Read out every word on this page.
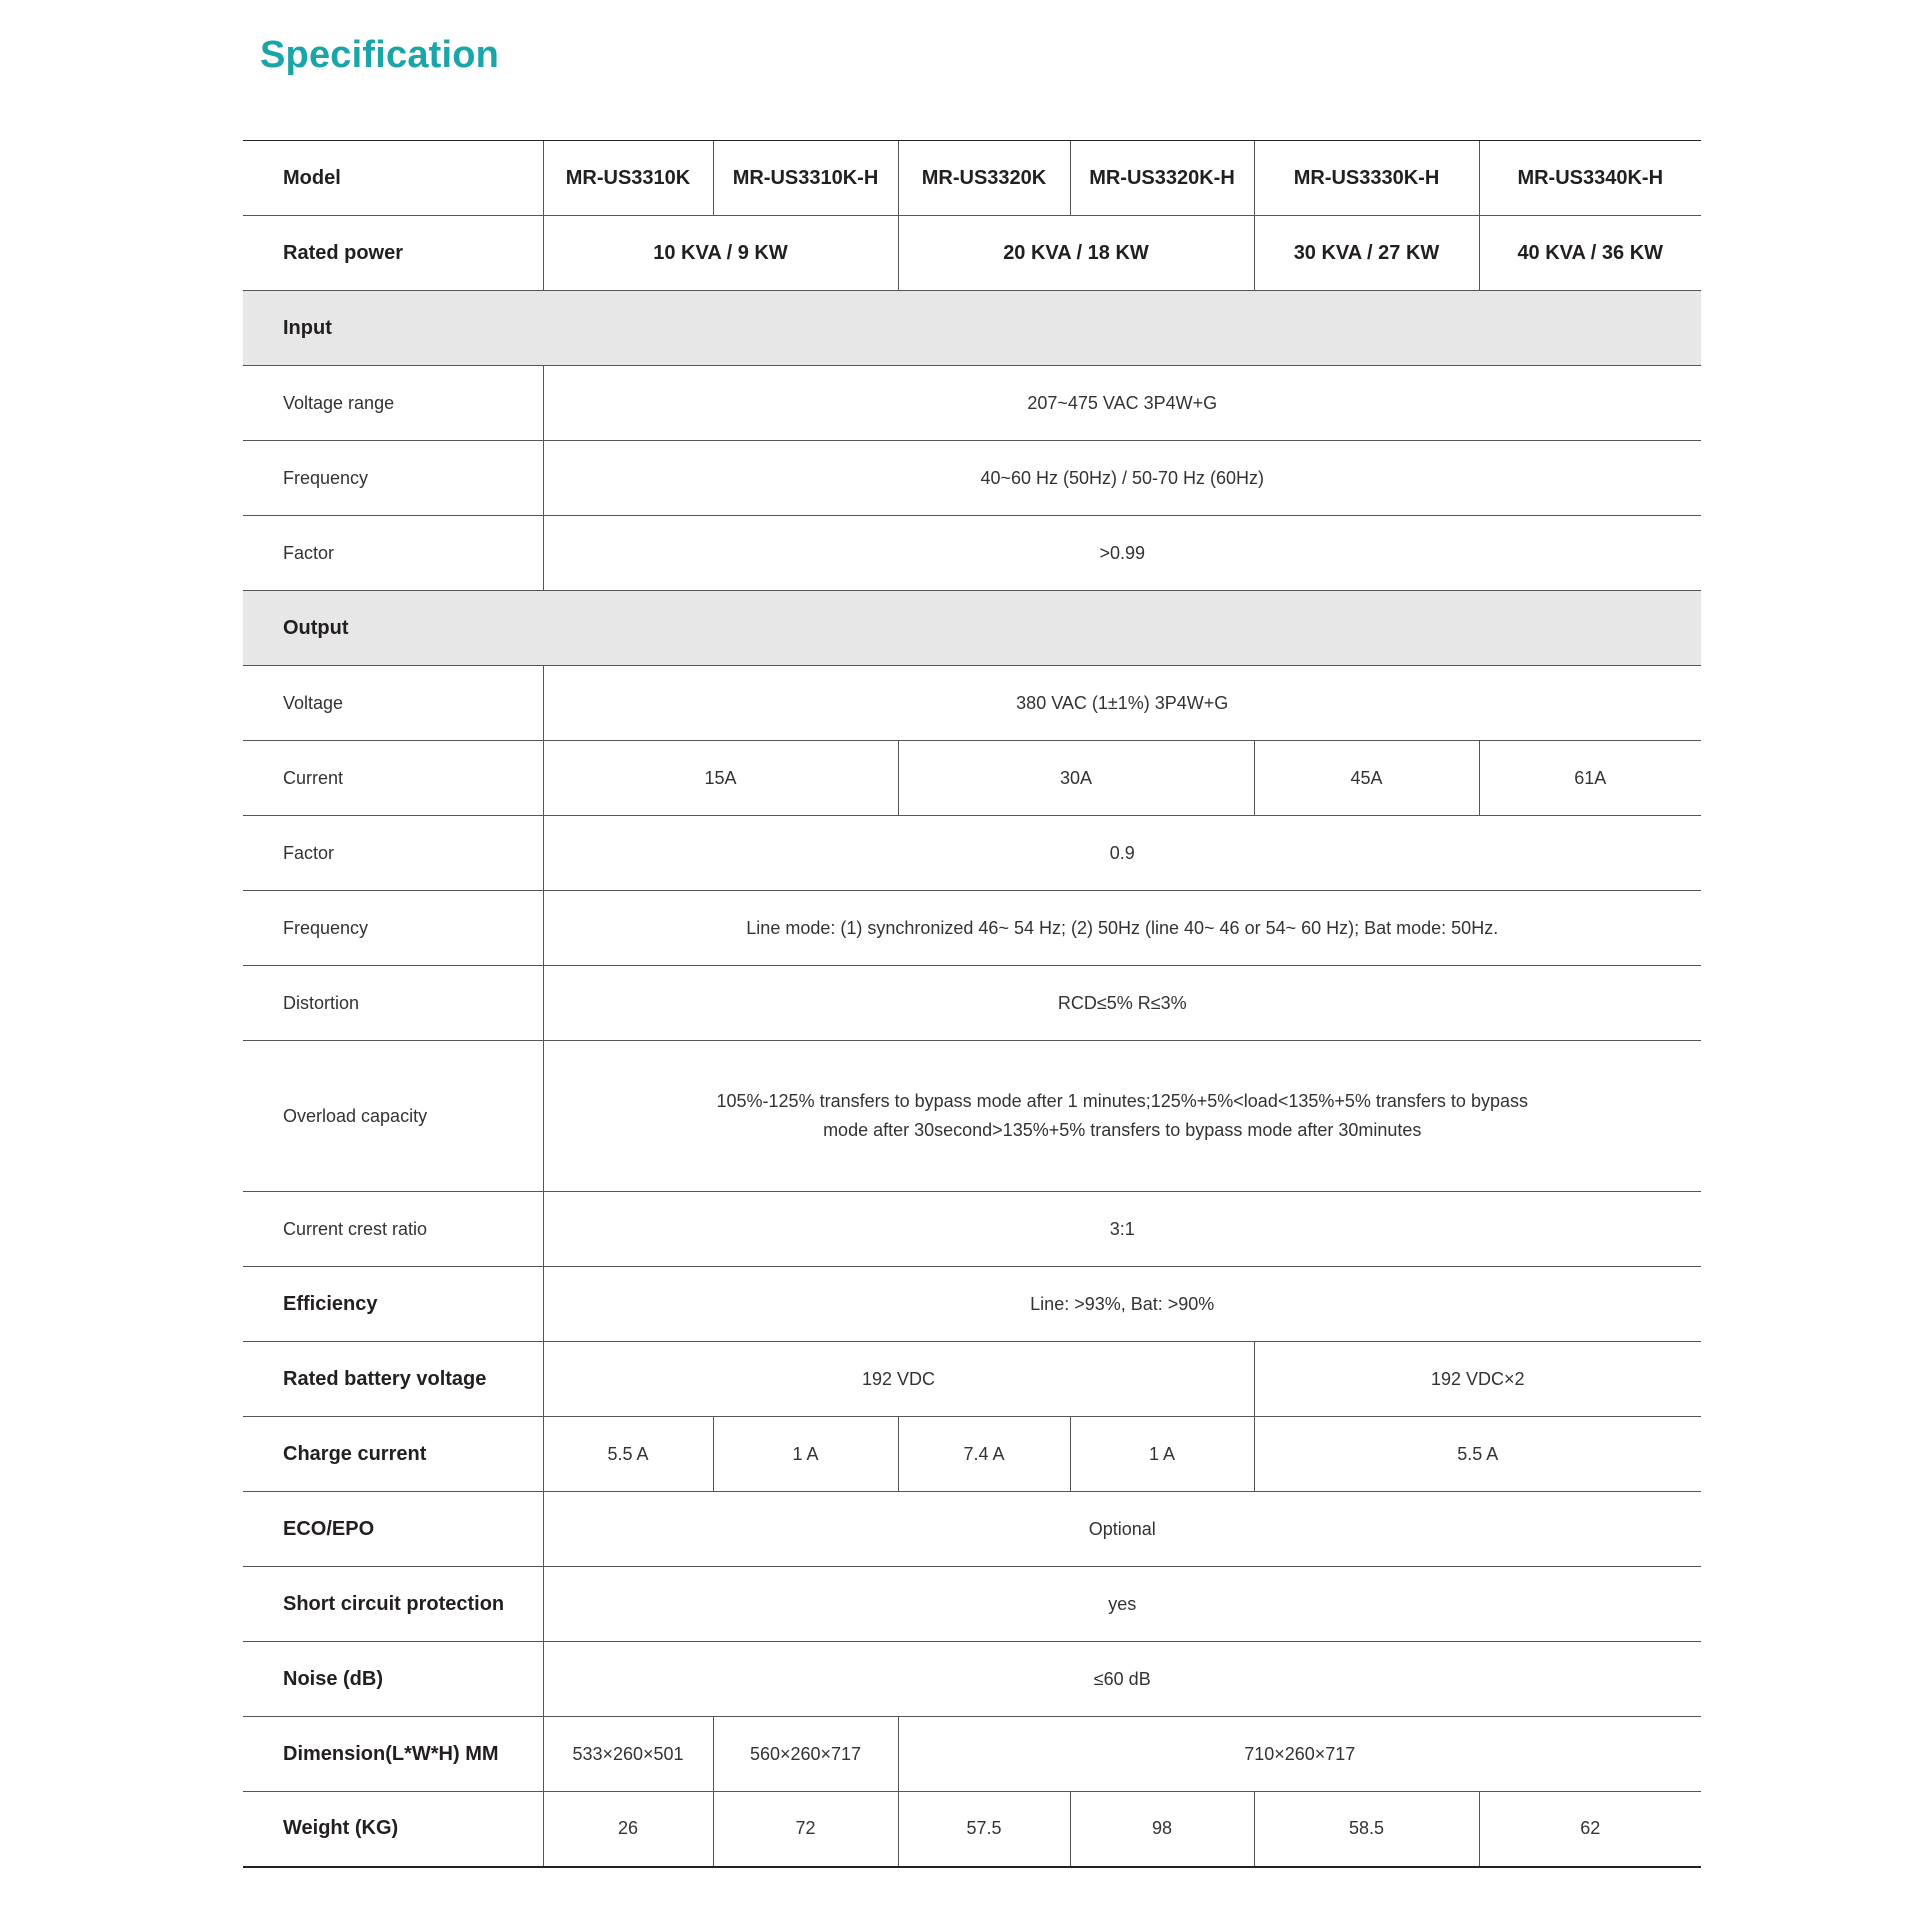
Specification
Model	MR-US3310K	MR-US3310K-H	MR-US3320K	MR-US3320K-H	MR-US3330K-H	MR-US3340K-H
Rated power	10 KVA / 9 KW		20 KVA / 18 KW		30 KVA / 27 KW	40 KVA / 36 KW
Input						
Voltage range	207~475 VAC 3P4W+G					
Frequency	40~60 Hz (50Hz) / 50-70 Hz (60Hz)					
Factor	>0.99					
Output						
Voltage	380 VAC (1±1%) 3P4W+G					
Current	15A		30A		45A	61A
Factor	0.9					
Frequency	Line mode: (1) synchronized 46~ 54 Hz; (2) 50Hz (line 40~ 46 or 54~ 60 Hz); Bat mode: 50Hz.					
Distortion	RCD≤5% R≤3%					
Overload capacity	105%-125% transfers to bypass mode after 1 minutes;125%+5%<load<135%+5% transfers to bypass
mode after 30second>135%+5% transfers to bypass mode after 30minutes					

Current crest ratio	3:1					
Efficiency	Line: >93%, Bat: >90%					
Rated battery voltage	192 VDC				192 VDC×2	
Charge current	5.5 A	1 A	7.4 A	1 A	5.5 A	
ECO/EPO	Optional					
Short circuit protection	yes					
Noise (dB)	≤60 dB					
Dimension(L*W*H) MM	533×260×501	560×260×717	710×260×717			
Weight (KG)	26	72	57.5	98	58.5	62
